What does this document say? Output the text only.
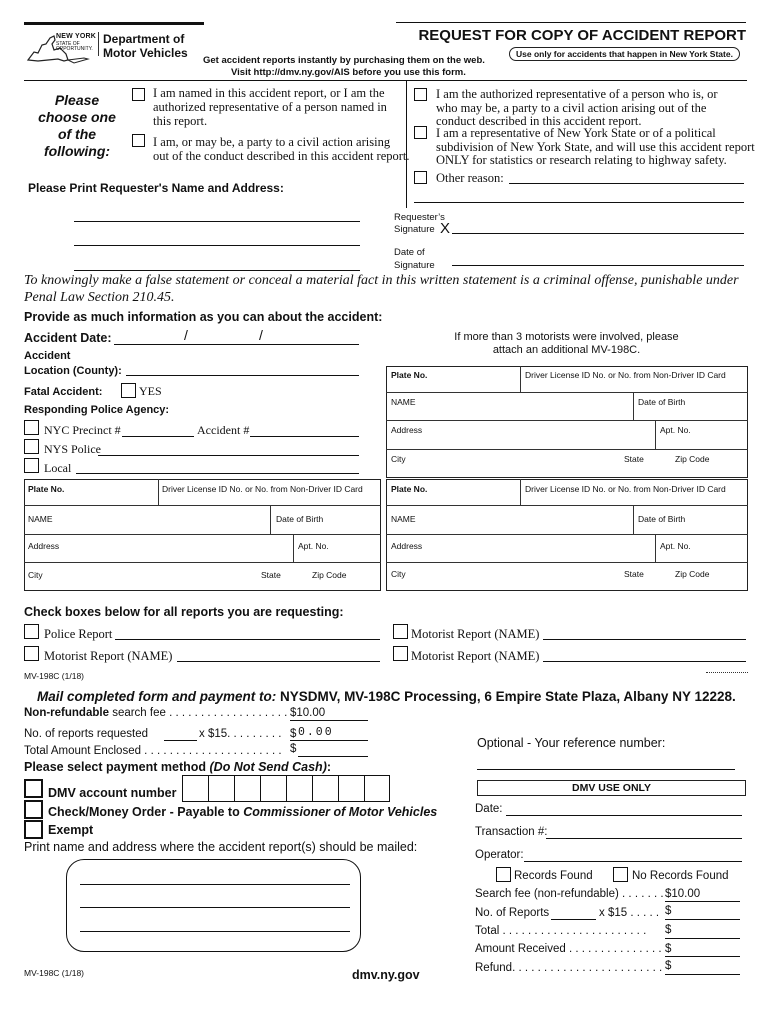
NEW YORK
STATE OF
OPPORTUNITY.
Department of
Motor Vehicles
REQUEST FOR COPY OF ACCIDENT REPORT
Use only for accidents that happen in New York State.
Get accident reports instantly by purchasing them on the web.
Visit http://dmv.ny.gov/AIS before you use this form.
Please
choose one
of the
following:
I am named in this accident report, or I am the
authorized representative of a person named in
this report.
I am, or may be, a party to a civil action arising
out of the conduct described in this accident report.
I am the authorized representative of a person who is, or
who may be, a party to a civil action arising out of the
conduct described in this accident report.
I am a representative of New York State or of a political
subdivision of New York State, and will use this accident report
ONLY for statistics or research relating to highway safety.
Other reason:
Please Print Requester's Name and Address:
Requester’s
Signature X
Date of
Signature
To knowingly make a false statement or conceal a material fact in this written statement is a criminal offense, punishable under
Penal Law Section 210.45.
Provide as much information as you can about the accident:
Accident Date:	/	/
Accident
Location (County):
Fatal Accident:	YES
Responding Police Agency:
NYC Precinct #	Accident #
NYS Police
Local
If more than 3 motorists were involved, please
attach an additional MV-198C.
Plate No.	Driver License ID No. or No. from Non-Driver ID Card
NAME	Date of Birth
Address	Apt. No.
City	State	Zip Code
Plate No.	Driver License ID No. or No. from Non-Driver ID Card
NAME	Date of Birth
Address	Apt. No.
City	State	Zip Code
Plate No.	Driver License ID No. or No. from Non-Driver ID Card
NAME	Date of Birth
Address	Apt. No.
City	State	Zip Code
Check boxes below for all reports you are requesting:
Police Report
Motorist Report (NAME)
Motorist Report (NAME)
Motorist Report (NAME)
MV-198C (1/18)
Mail completed form and payment to: NYSDMV, MV-198C Processing, 6 Empire State Plaza, Albany NY 12228.
Non-refundable search fee . . . . . . . . . . . . . . . . . . . $10.00
No. of reports requested	x $15. . . . . . . . . $ 0.00
Total Amount Enclosed . . . . . . . . . . . . . . . . . . . . . . $	Optional - Your reference number:
Please select payment method (Do Not Send Cash):
DMV account number
Check/Money Order - Payable to Commissioner of Motor Vehicles
Exempt
Print name and address where the accident report(s) should be mailed:
DMV USE ONLY
Date:
Transaction #:
Operator:
Records Found	No Records Found
Search fee (non-refundable) . . . . . . . $10.00
No. of Reports	x $15 . . . . . $
Total . . . . . . . . . . . . . . . . . . . . . . . $
Amount Received . . . . . . . . . . . . . . . $
Refund. . . . . . . . . . . . . . . . . . . . . . . . $
MV-198C (1/18)	dmv.ny.gov
